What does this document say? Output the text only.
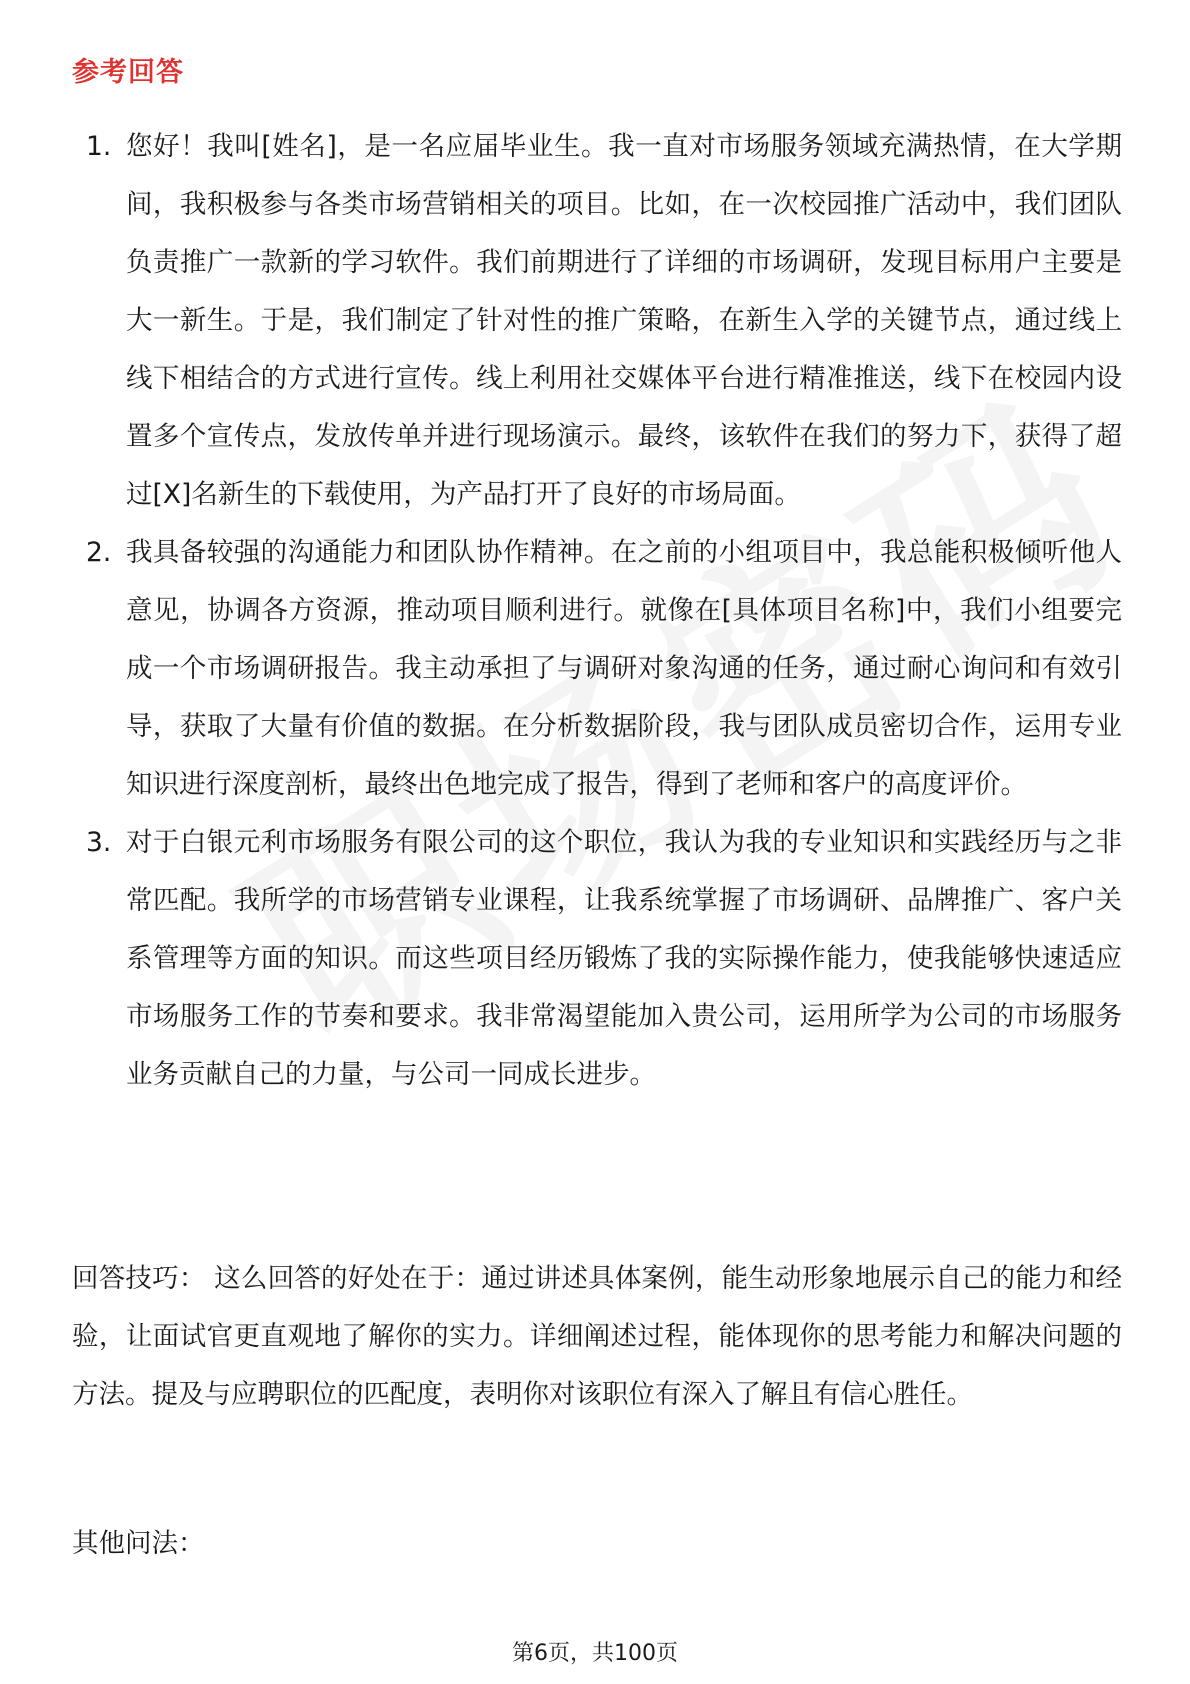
参考回答
1. 您好！我叫[姓名]，是一名应届毕业生。我一直对市场服务领域充满热情，在大学期间，我积极参与各类市场营销相关的项目。比如，在一次校园推广活动中，我们团队负责推广一款新的学习软件。我们前期进行了详细的市场调研，发现目标用户主要是大一新生。于是，我们制定了针对性的推广策略，在新生入学的关键节点，通过线上线下相结合的方式进行宣传。线上利用社交媒体平台进行精准推送，线下在校园内设置多个宣传点，发放传单并进行现场演示。最终，该软件在我们的努力下，获得了超过[X]名新生的下载使用，为产品打开了良好的市场局面。
2. 我具备较强的沟通能力和团队协作精神。在之前的小组项目中，我总能积极倾听他人意见，协调各方资源，推动项目顺利进行。就像在[具体项目名称]中，我们小组要完成一个市场调研报告。我主动承担了与调研对象沟通的任务，通过耐心询问和有效引导，获取了大量有价值的数据。在分析数据阶段，我与团队成员密切合作，运用专业知识进行深度剖析，最终出色地完成了报告，得到了老师和客户的高度评价。
3. 对于白银元利市场服务有限公司的这个职位，我认为我的专业知识和实践经历与之非常匹配。我所学的市场营销专业课程，让我系统掌握了市场调研、品牌推广、客户关系管理等方面的知识。而这些项目经历锻炼了我的实际操作能力，使我能够快速适应市场服务工作的节奏和要求。我非常渴望能加入贵公司，运用所学为公司的市场服务业务贡献自己的力量，与公司一同成长进步。
回答技巧： 这么回答的好处在于：通过讲述具体案例，能生动形象地展示自己的能力和经验，让面试官更直观地了解你的实力。详细阐述过程，能体现你的思考能力和解决问题的方法。提及与应聘职位的匹配度，表明你对该职位有深入了解且有信心胜任。
其他问法：
第6页，共100页
